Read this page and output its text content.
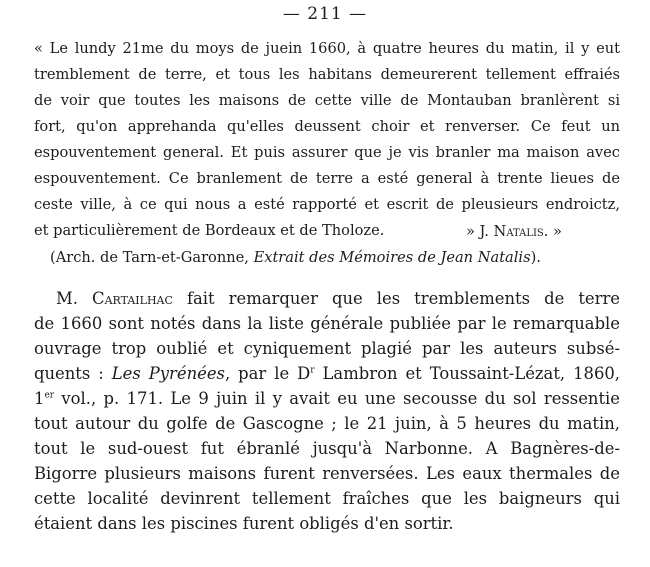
— 211 —
« Le lundy 21me du moys de juein 1660, à quatre heures du matin, il y eut
tremblement de terre, et tous les habitans demeurerent tellement effraiés
de voir que toutes les maisons de cette ville de Montauban branlèrent si
fort, qu'on apprehanda qu'elles deussent choir et renverser. Ce feut un
espouventement general. Et puis assurer que je vis branler ma maison avec
espouventement. Ce branlement de terre a esté general à trente lieues de
ceste ville, à ce qui nous a esté rapporté et escrit de pleusieurs endroictz,
et particulièrement de Bordeaux et de Tholoze.	» J. Natalis. »
(Arch. de Tarn-et-Garonne, Extrait des Mémoires de Jean Natalis).
M. Cartailhac fait remarquer que les tremblements de terre
de 1660 sont notés dans la liste générale publiée par le remarquable
ouvrage trop oublié et cyniquement plagié par les auteurs subsé-
quents : Les Pyrénées, par le $D^r$ Lambron et Toussaint-Lézat, 1860,
1er vol., p. 171. Le 9 juin il y avait eu une secousse du sol ressentie
tout autour du golfe de Gascogne ; le 21 juin, à 5 heures du matin,
tout le sud-ouest fut ébranlé jusqu'à Narbonne. A Bagnères-de-
Bigorre plusieurs maisons furent renversées. Les eaux thermales de
cette localité devinrent tellement fraîches que les baigneurs qui
étaient dans les piscines furent obligés d'en sortir.
